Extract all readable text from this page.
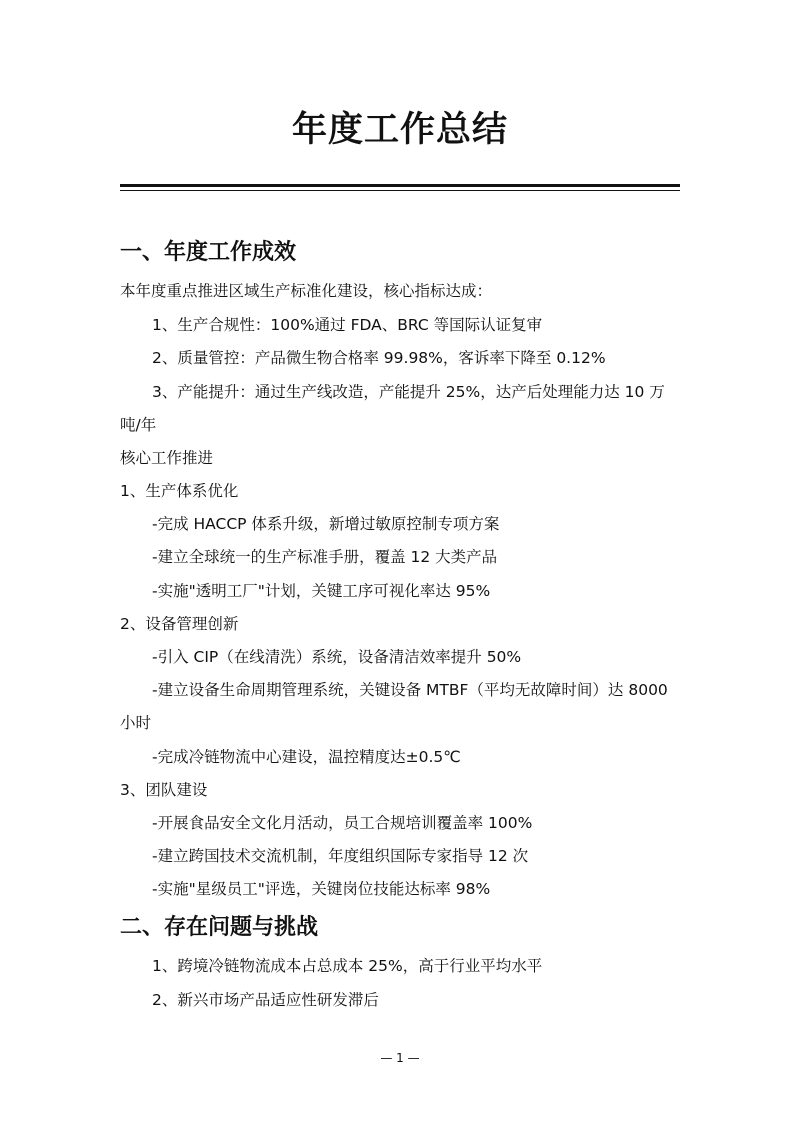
年度工作总结
一、年度工作成效
本年度重点推进区域生产标准化建设，核心指标达成：
1、生产合规性：100%通过 FDA、BRC 等国际认证复审
2、质量管控：产品微生物合格率 99.98%，客诉率下降至 0.12%
3、产能提升：通过生产线改造，产能提升 25%，达产后处理能力达 10 万
吨/年
核心工作推进
1、生产体系优化
-完成 HACCP 体系升级，新增过敏原控制专项方案
-建立全球统一的生产标准手册，覆盖 12 大类产品
-实施"透明工厂"计划，关键工序可视化率达 95%
2、设备管理创新
-引入 CIP（在线清洗）系统，设备清洁效率提升 50%
-建立设备生命周期管理系统，关键设备 MTBF（平均无故障时间）达 8000
小时
-完成冷链物流中心建设，温控精度达±0.5℃
3、团队建设
-开展食品安全文化月活动，员工合规培训覆盖率 100%
-建立跨国技术交流机制，年度组织国际专家指导 12 次
-实施"星级员工"评选，关键岗位技能达标率 98%
二、存在问题与挑战
1、跨境冷链物流成本占总成本 25%，高于行业平均水平
2、新兴市场产品适应性研发滞后
— 1 —
